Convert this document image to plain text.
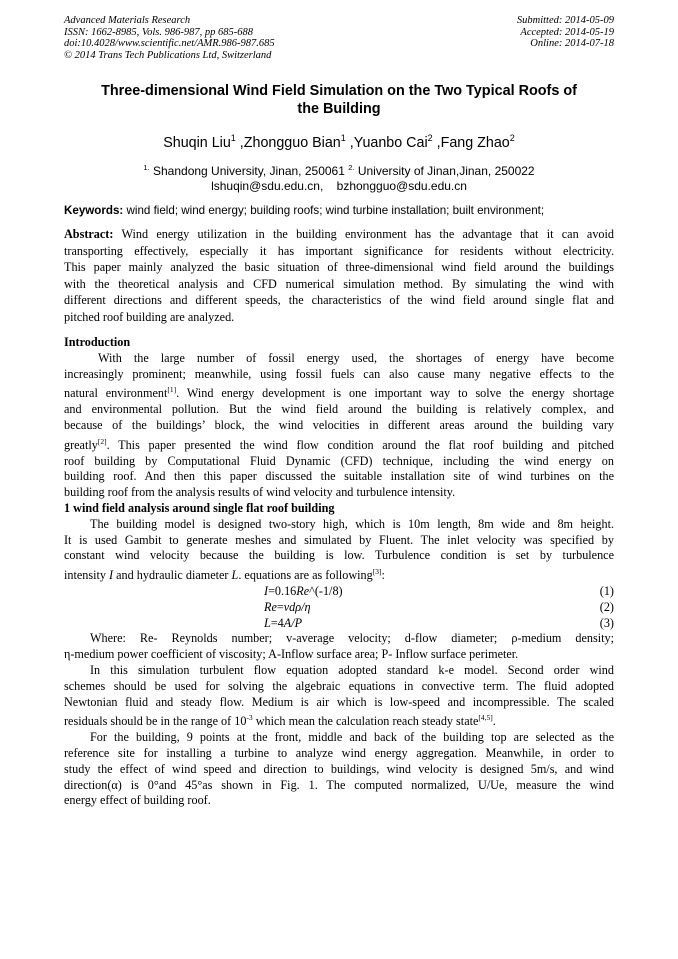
Advanced Materials Research
ISSN: 1662-8985, Vols. 986-987, pp 685-688
doi:10.4028/www.scientific.net/AMR.986-987.685
© 2014 Trans Tech Publications Ltd, Switzerland
Submitted: 2014-05-09
Accepted: 2014-05-19
Online: 2014-07-18
Three-dimensional Wind Field Simulation on the Two Typical Roofs of
the Building
Shuqin Liu$^1$ ,Zhongguo Bian$^1$ ,Yuanbo Cai$^2$ ,Fang Zhao$^2$
$^{1.}$ Shandong University, Jinan, 250061 $^{2.}$ University of Jinan,Jinan, 250022
lshuqin@sdu.edu.cn,    bzhongguo@sdu.edu.cn
Keywords: wind field; wind energy; building roofs; wind turbine installation; built environment;
Abstract: Wind energy utilization in the building environment has the advantage that it can avoid
transporting effectively, especially it has important significance for residents without electricity.
This paper mainly analyzed the basic situation of three-dimensional wind field around the buildings
with the theoretical analysis and CFD numerical simulation method. By simulating the wind with
different directions and different speeds, the characteristics of the wind field around single flat and
pitched roof building are analyzed.
Introduction
With the large number of fossil energy used, the shortages of energy have become
increasingly prominent; meanwhile, using fossil fuels can also cause many negative effects to the
natural environment[1]. Wind energy development is one important way to solve the energy shortage
and environmental pollution. But the wind field around the building is relatively complex, and
because of the buildings’ block, the wind velocities in different areas around the building vary
greatly[2]. This paper presented the wind flow condition around the flat roof building and pitched
roof building by Computational Fluid Dynamic (CFD) technique, including the wind energy on
building roof. And then this paper discussed the suitable installation site of wind turbines on the
building roof from the analysis results of wind velocity and turbulence intensity.
1 wind field analysis around single flat roof building
The building model is designed two-story high, which is 10m length, 8m wide and 8m height.
It is used Gambit to generate meshes and simulated by Fluent. The inlet velocity was specified by
constant wind velocity because the building is low. Turbulence condition is set by turbulence
intensity I and hydraulic diameter L. equations are as following[3]:
I=0.16Re^(-1/8)	(1)
Re=vdρ/η	(2)
L=4A/P	(3)
Where: Re- Reynolds number; v-average velocity; d-flow diameter; ρ-medium density;
η-medium power coefficient of viscosity; A-Inflow surface area; P- Inflow surface perimeter.
In this simulation turbulent flow equation adopted standard k-e model. Second order wind
schemes should be used for solving the algebraic equations in convective term. The fluid adopted
Newtonian fluid and steady flow. Medium is air which is low-speed and incompressible. The scaled
residuals should be in the range of $10^{-3}$ which mean the calculation reach steady state[4,5].
For the building, 9 points at the front, middle and back of the building top are selected as the
reference site for installing a turbine to analyze wind energy aggregation. Meanwhile, in order to
study the effect of wind speed and direction to buildings, wind velocity is designed 5m/s, and wind
direction(α) is 0°and 45°as shown in Fig. 1. The computed normalized, U/Ue, measure the wind
energy effect of building roof.
